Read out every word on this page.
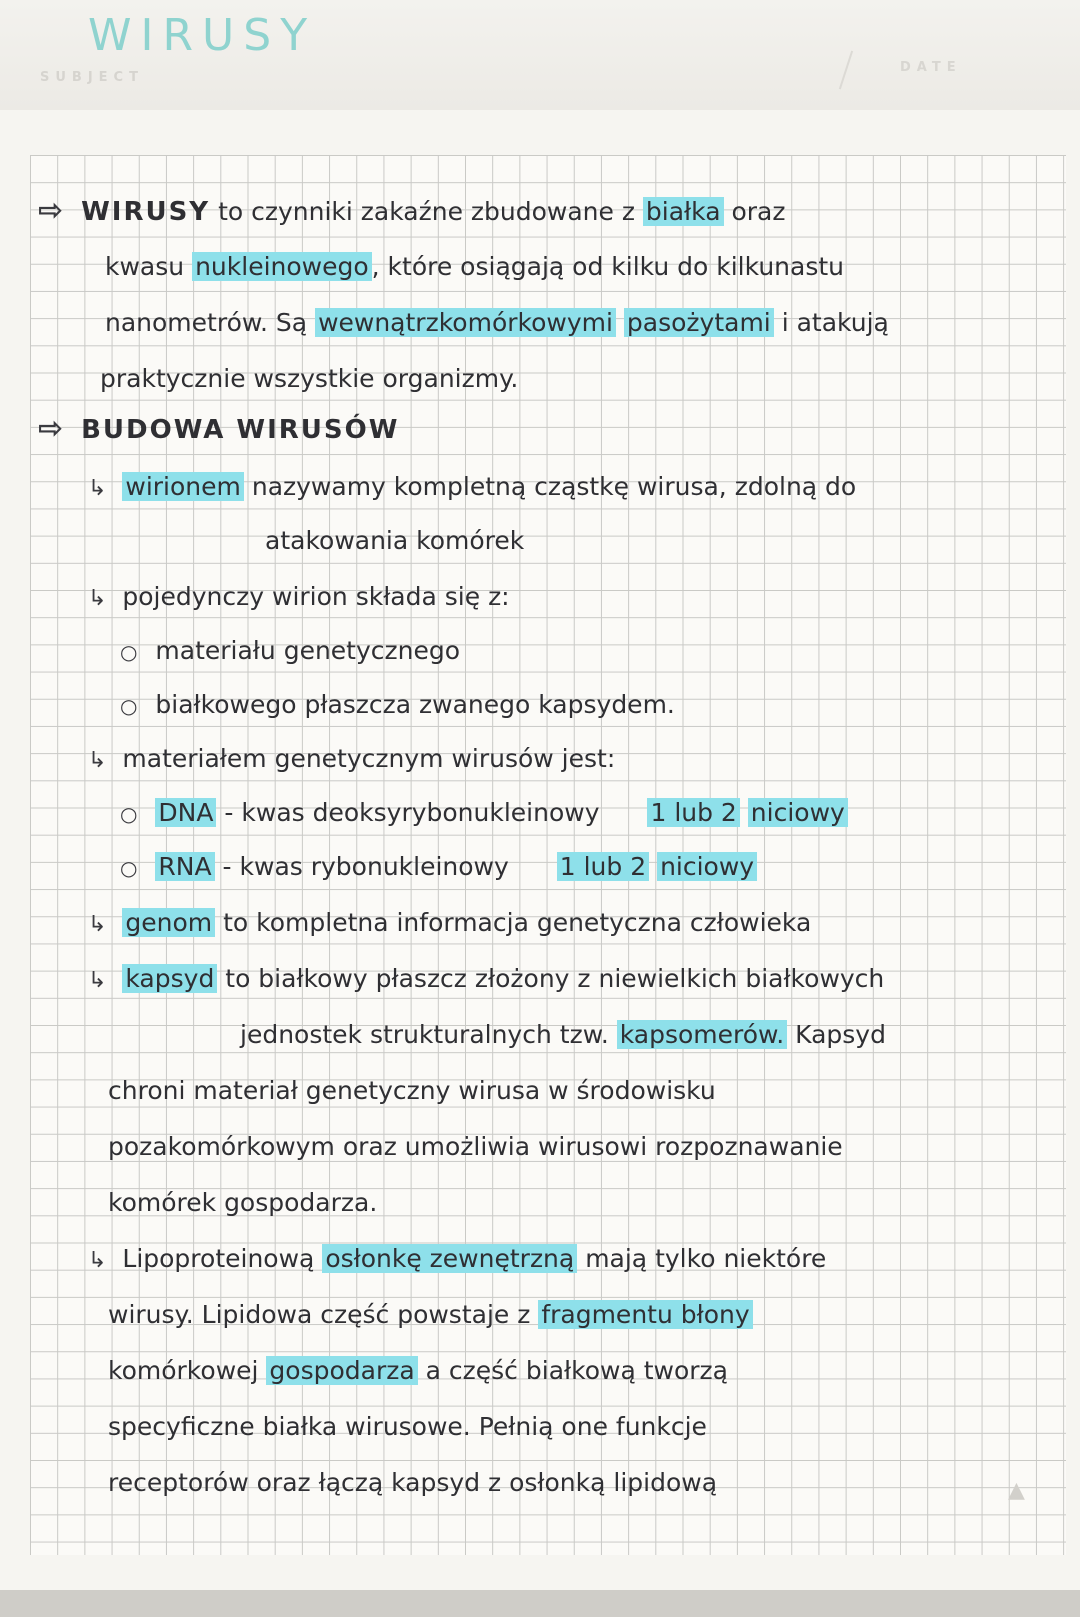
WIRUSY
SUBJECT
DATE
⇨ WIRUSY to czynniki zakaźne zbudowane z białka oraz
kwasu nukleinowego , które osiągają od kilku do kilkunastu
nanometrów. Są wewnątrzkomórkowymi pasożytami i atakują
praktycznie wszystkie organizmy.
⇨ BUDOWA WIRUSÓW
↳ wirionem nazywamy kompletną cząstkę wirusa, zdolną do
atakowania komórek
↳ pojedynczy wirion składa się z:
○ materiału genetycznego
○ białkowego płaszcza zwanego kapsydem.
↳ materiałem genetycznym wirusów jest:
○ DNA - kwas deoksyrybonukleinowy 1 lub 2 niciowy
○ RNA - kwas rybonukleinowy 1 lub 2 niciowy
↳ genom to kompletna informacja genetyczna człowieka
↳ kapsyd to białkowy płaszcz złożony z niewielkich białkowych
jednostek strukturalnych tzw. kapsomerów. Kapsyd
chroni materiał genetyczny wirusa w środowisku
pozakomórkowym oraz umożliwia wirusowi rozpoznawanie
komórek gospodarza.
↳ Lipoproteinową osłonkę zewnętrzną mają tylko niektóre
wirusy. Lipidowa część powstaje z fragmentu błony
komórkowej gospodarza a część białkową tworzą
specyficzne białka wirusowe. Pełnią one funkcje
receptorów oraz łączą kapsyd z osłonką lipidową	▲
